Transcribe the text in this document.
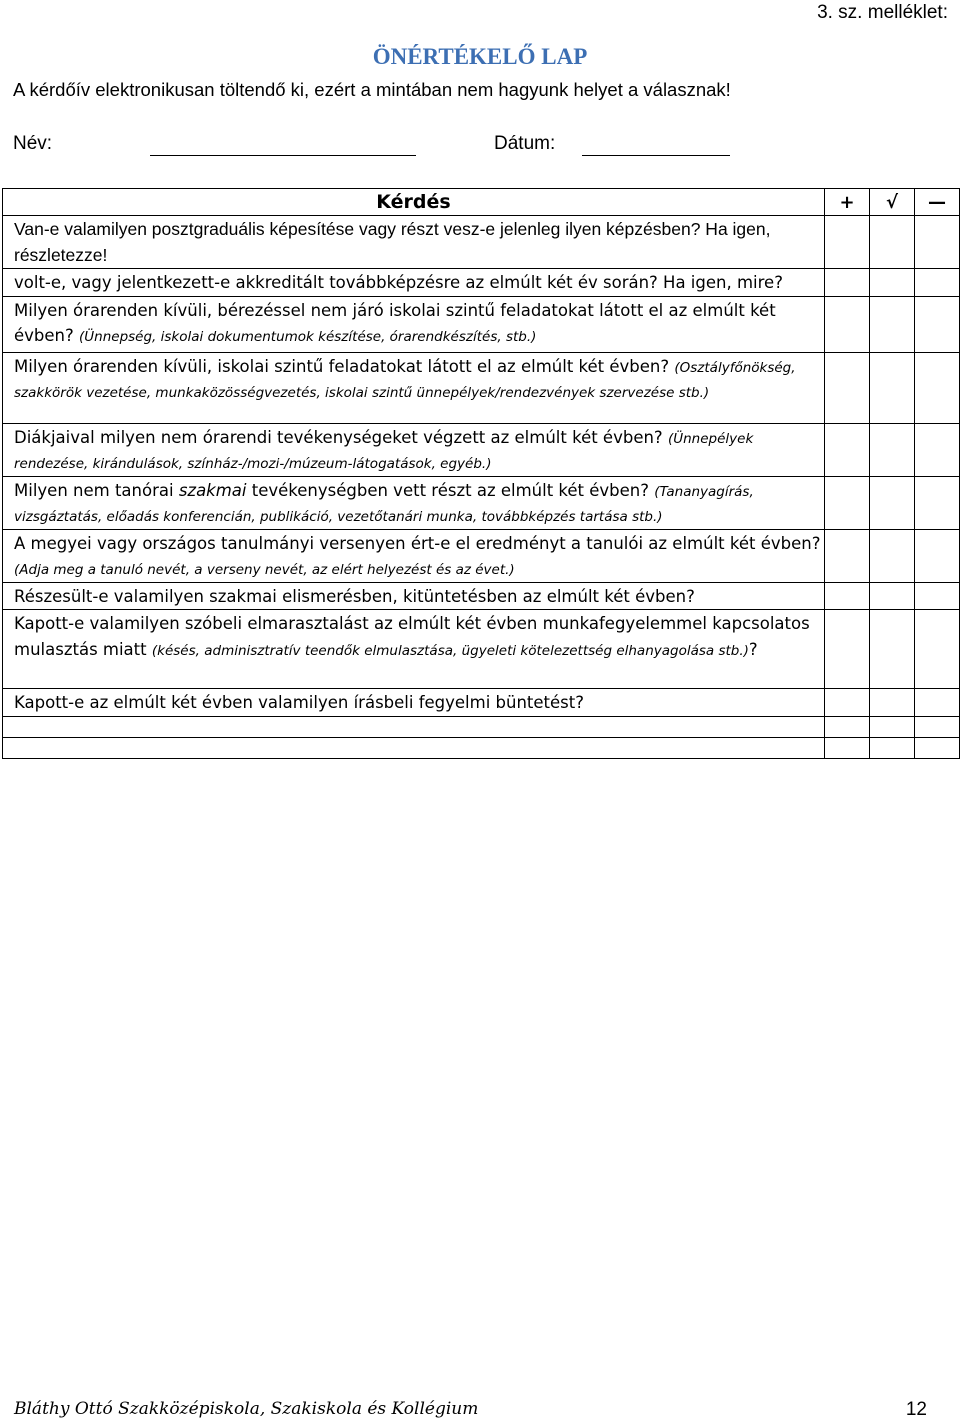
3. sz. melléklet:
ÖNÉRTÉKELŐ LAP
A kérdőív elektronikusan töltendő ki, ezért a mintában nem hagyunk helyet a válasznak!
Név:	Dátum:
Kérdés	+	√	—

Van-e valamilyen posztgraduális képesítése vagy részt vesz-e jelenleg ilyen képzésben? Ha igen, részletezze!			

volt-e, vagy jelentkezett-e akkreditált továbbképzésre az elmúlt két év során? Ha igen, mire?			

Milyen órarenden kívüli, bérezéssel nem járó iskolai szintű feladatokat látott el az elmúlt két évben? (Ünnepség, iskolai dokumentumok készítése, órarendkészítés, stb.)			

Milyen órarenden kívüli, iskolai szintű feladatokat látott el az elmúlt két évben? (Osztályfőnökség, szakkörök vezetése, munkaközösségvezetés, iskolai szintű ünnepélyek/rendezvények szervezése stb.)			

Diákjaival milyen nem órarendi tevékenységeket végzett az elmúlt két évben? (Ünnepélyek rendezése, kirándulások, színház-/mozi-/múzeum-látogatások, egyéb.)			

Milyen nem tanórai szakmai tevékenységben vett részt az elmúlt két évben? (Tananyagírás, vizsgáztatás, előadás konferencián, publikáció, vezetőtanári munka, továbbképzés tartása stb.)			

A megyei vagy országos tanulmányi versenyen ért-e el eredményt a tanulói az elmúlt két évben? (Adja meg a tanuló nevét, a verseny nevét, az elért helyezést és az évet.)			

Részesült-e valamilyen szakmai elismerésben, kitüntetésben az elmúlt két évben?			

Kapott-e valamilyen szóbeli elmarasztalást az elmúlt két évben munkafegyelemmel kapcsolatos mulasztás miatt (késés, adminisztratív teendők elmulasztása, ügyeleti kötelezettség elhanyagolása stb.)?			

Kapott-e az elmúlt két évben valamilyen írásbeli fegyelmi büntetést?			

Bláthy Ottó Szakközépiskola, Szakiskola és Kollégium	12
